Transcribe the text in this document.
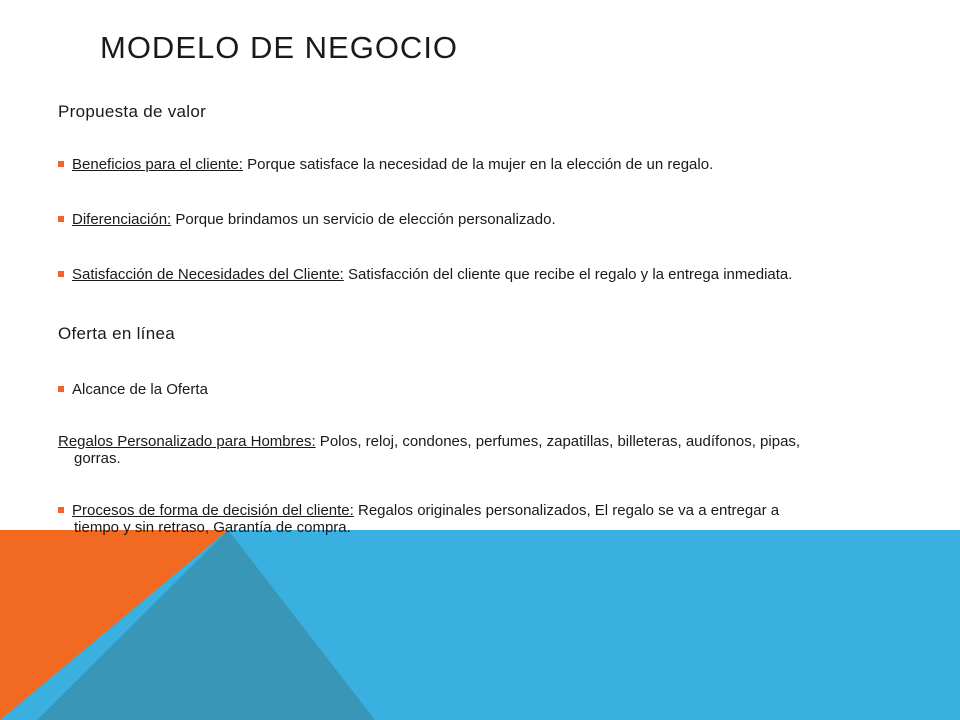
MODELO DE NEGOCIO
Propuesta de valor
Beneficios para el cliente: Porque satisface la necesidad de la mujer en la elección de un regalo.
Diferenciación: Porque brindamos un servicio de elección personalizado.
Satisfacción de Necesidades del Cliente: Satisfacción del cliente que recibe el regalo y la entrega inmediata.
Oferta en línea
Alcance de la Oferta
Regalos Personalizado para Hombres: Polos, reloj, condones, perfumes, zapatillas, billeteras, audífonos, pipas,
gorras.
Procesos de forma de decisión del cliente: Regalos originales personalizados, El regalo se va a entregar a
tiempo y sin retraso, Garantía de compra.
